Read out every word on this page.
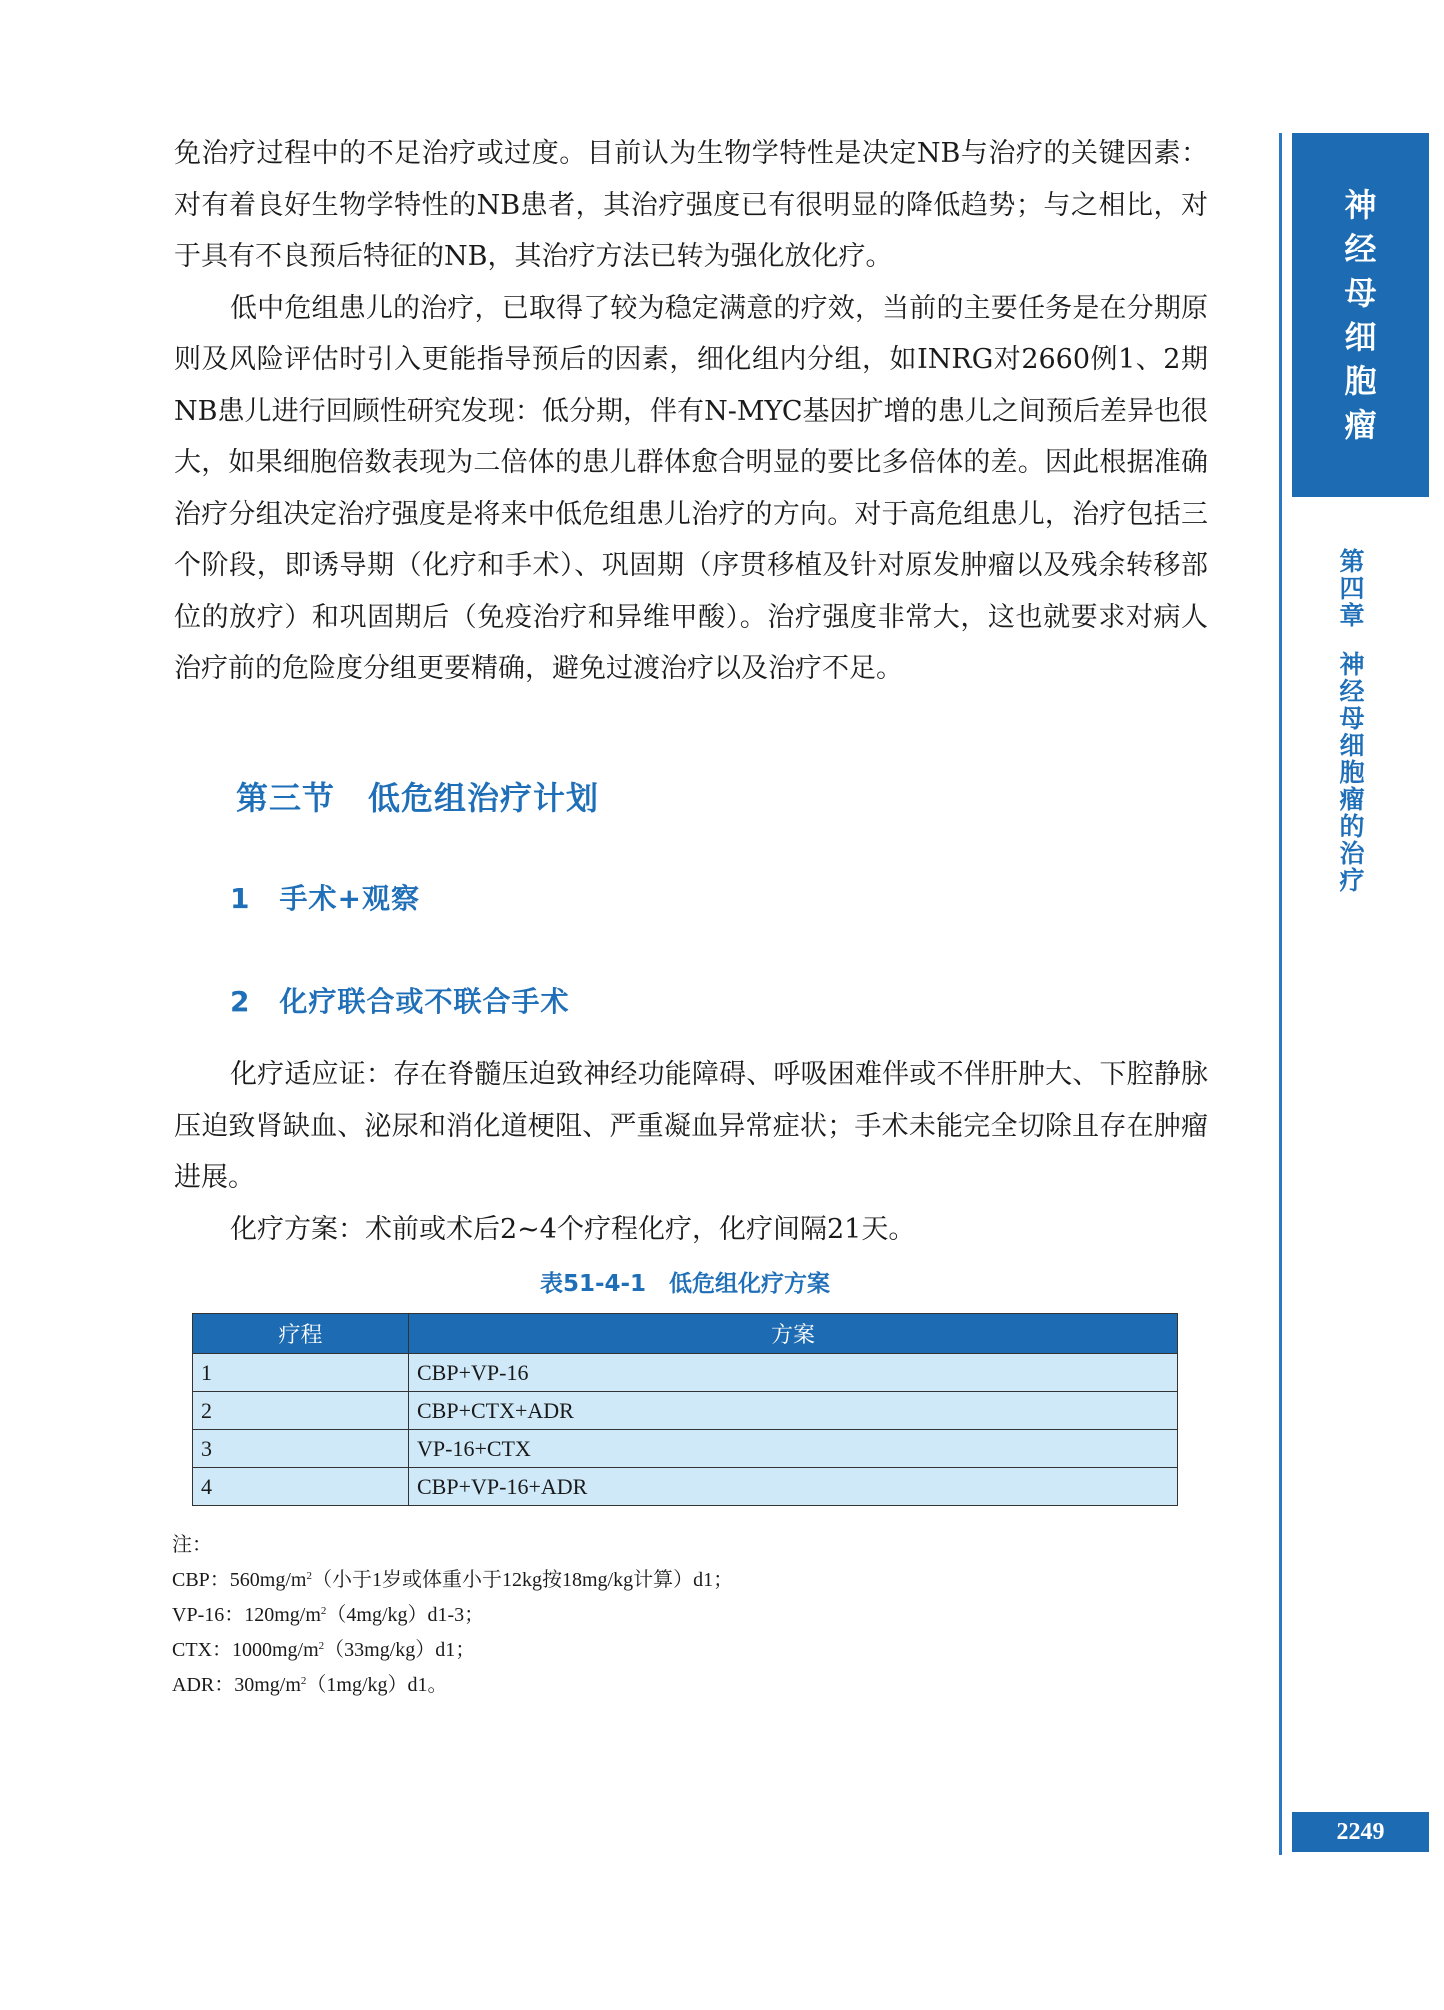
免治疗过程中的不足治疗或过度。目前认为生物学特性是决定NB与治疗的关键因素：对有着良好生物学特性的NB患者，其治疗强度已有很明显的降低趋势；与之相比，对于具有不良预后特征的NB，其治疗方法已转为强化放化疗。

低中危组患儿的治疗，已取得了较为稳定满意的疗效，当前的主要任务是在分期原则及风险评估时引入更能指导预后的因素，细化组内分组，如INRG对2660例1、2期NB患儿进行回顾性研究发现：低分期，伴有N-MYC基因扩增的患儿之间预后差异也很大，如果细胞倍数表现为二倍体的患儿群体愈合明显的要比多倍体的差。因此根据准确治疗分组决定治疗强度是将来中低危组患儿治疗的方向。对于高危组患儿，治疗包括三个阶段，即诱导期（化疗和手术）、巩固期（序贯移植及针对原发肿瘤以及残余转移部位的放疗）和巩固期后（免疫治疗和异维甲酸）。治疗强度非常大，这也就要求对病人治疗前的危险度分组更要精确，避免过渡治疗以及治疗不足。

第三节　低危组治疗计划
1　手术+观察
2　化疗联合或不联合手术

化疗适应证：存在脊髓压迫致神经功能障碍、呼吸困难伴或不伴肝肿大、下腔静脉压迫致肾缺血、泌尿和消化道梗阻、严重凝血异常症状；手术未能完全切除且存在肿瘤进展。

化疗方案：术前或术后2~4个疗程化疗，化疗间隔21天。

表51-4-1　低危组化疗方案
疗程	方案
1	CBP+VP-16
2	CBP+CTX+ADR
3	VP-16+CTX
4	CBP+VP-16+ADR
注：
CBP：$560mg/m^2$（小于1岁或体重小于12kg按18mg/kg计算）d1；
VP-16：$120mg/m^2(4mg/kg)d1-3$；
CTX：$1000mg/m^2(33mg/kg)d1$；
ADR：$30mg/m^2(1mg/kg)d1$。
神
经
母
细
胞
瘤
第
四
章
神
经
母
细
胞
瘤
的
治
疗
2249
